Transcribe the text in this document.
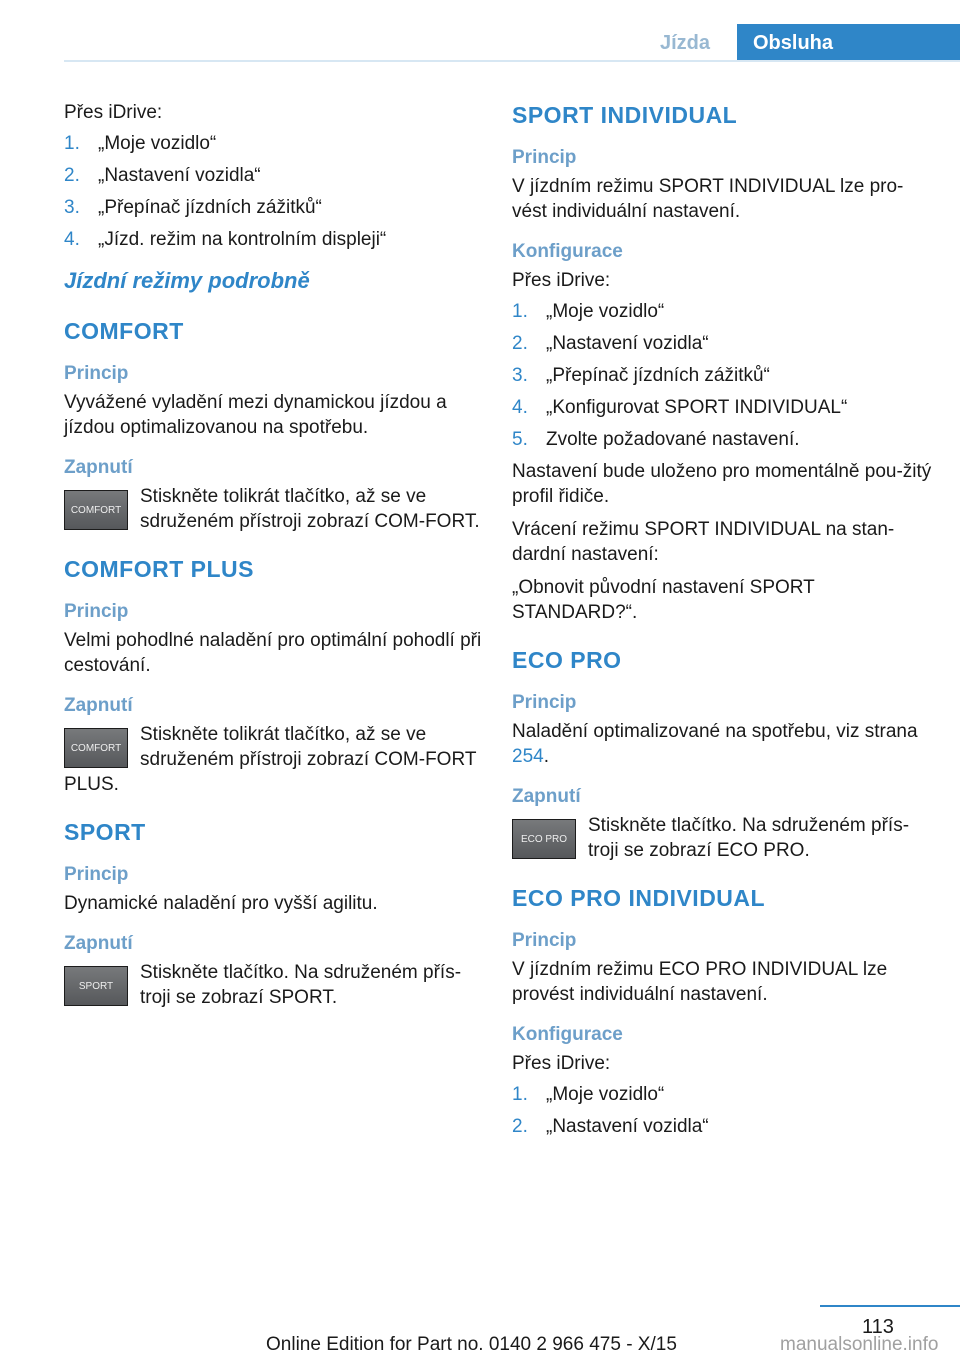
Jízda	Obsluha

Přes iDrive:

1. „Moje vozidlo“
2. „Nastavení vozidla“
3. „Přepínač jízdních zážitků“
4. „Jízd. režim na kontrolním displeji“
Jízdní režimy podrobně
COMFORT
Princip

Vyvážené vyladění mezi dynamickou jízdou a jízdou optimalizovanou na spotřebu.

Zapnutí
COMFORT
Stiskněte tolikrát tlačítko, až se ve sdruženém přístroji zobrazí COM‐FORT.
COMFORT PLUS
Princip

Velmi pohodlné naladění pro optimální pohodlí při cestování.

Zapnutí
COMFORT
Stiskněte tolikrát tlačítko, až se ve sdruženém přístroji zobrazí COM‐FORT PLUS.
SPORT
Princip

Dynamické naladění pro vyšší agilitu.

Zapnutí
SPORT
Stiskněte tlačítko. Na sdruženém přís‐troji se zobrazí SPORT.
SPORT INDIVIDUAL
Princip

V jízdním režimu SPORT INDIVIDUAL lze pro‐vést individuální nastavení.

Konfigurace

Přes iDrive:

1. „Moje vozidlo“
2. „Nastavení vozidla“
3. „Přepínač jízdních zážitků“
4. „Konfigurovat SPORT INDIVIDUAL“
5. Zvolte požadované nastavení.

Nastavení bude uloženo pro momentálně pou‐žitý profil řidiče.

Vrácení režimu SPORT INDIVIDUAL na stan‐dardní nastavení:

„Obnovit původní nastavení SPORT STANDARD?“.

ECO PRO
Princip

Naladění optimalizované na spotřebu, viz strana 254.

Zapnutí
ECO PRO
Stiskněte tlačítko. Na sdruženém přís‐troji se zobrazí ECO PRO.
ECO PRO INDIVIDUAL
Princip

V jízdním režimu ECO PRO INDIVIDUAL lze provést individuální nastavení.

Konfigurace

Přes iDrive:

1. „Moje vozidlo“
2. „Nastavení vozidla“
113
Online Edition for Part no. 0140 2 966 475 - X/15	manualsonline.info
